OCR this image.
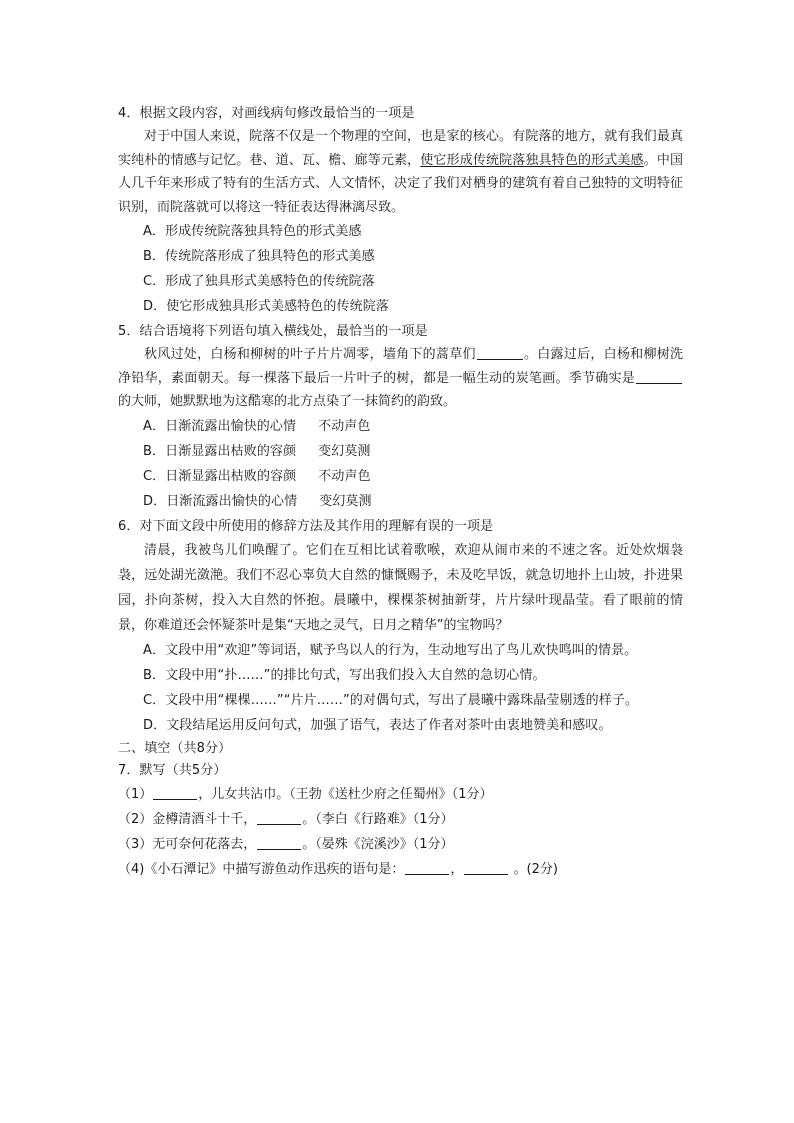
4．根据文段内容，对画线病句修改最恰当的一项是
对于中国人来说，院落不仅是一个物理的空间，也是家的核心。有院落的地方，就有我们最真实纯朴的情感与记忆。巷、道、瓦、檐、廊等元素，使它形成传统院落独具特色的形式美感。中国人几千年来形成了特有的生活方式、人文情怀，决定了我们对栖身的建筑有着自己独特的文明特征识别，而院落就可以将这一特征表达得淋漓尽致。
A．形成传统院落独具特色的形式美感
B．传统院落形成了独具特色的形式美感
C．形成了独具形式美感特色的传统院落
D．使它形成独具形式美感特色的传统院落
5．结合语境将下列语句填入横线处，最恰当的一项是
秋风过处，白杨和柳树的叶子片片凋零，墙角下的蒿草们	。白露过后，白杨和柳树洗净铅华，素面朝天。每一棵落下最后一片叶子的树，都是一幅生动的炭笔画。季节确实是的大师，她默默地为这酷寒的北方点染了一抹简约的韵致。
A．日渐流露出愉快的心情 不动声色
B．日渐显露出枯败的容颜 变幻莫测
C．日渐显露出枯败的容颜 不动声色
D．日渐流露出愉快的心情 变幻莫测
6．对下面文段中所使用的修辞方法及其作用的理解有误的一项是
清晨，我被鸟儿们唤醒了。它们在互相比试着歌喉，欢迎从闹市来的不速之客。近处炊烟袅袅，远处湖光潋滟。我们不忍心辜负大自然的慷慨赐予，未及吃早饭，就急切地扑上山坡，扑进果园，扑向茶树，投入大自然的怀抱。晨曦中，棵棵茶树抽新芽，片片绿叶现晶莹。看了眼前的情景，你难道还会怀疑茶叶是集“天地之灵气，日月之精华”的宝物吗？
A．文段中用“欢迎”等词语，赋予鸟以人的行为，生动地写出了鸟儿欢快鸣叫的情景。
B．文段中用“扑……”的排比句式，写出我们投入大自然的急切心情。
C．文段中用“棵棵……”“片片……”的对偶句式，写出了晨曦中露珠晶莹剔透的样子。
D．文段结尾运用反问句式，加强了语气，表达了作者对茶叶由衷地赞美和感叹。
二、填空（共8分）
7．默写（共5分）
（1）	，儿女共沾巾。（王勃《送杜少府之任蜀州》（1分）
（2）金樽清酒斗十千，	。（李白《行路难》（1分）
（3）无可奈何花落去，	。（晏殊《浣溪沙》（1分）
（4)《小石潭记》中描写游鱼动作迅疾的语句是：	，	。(2分)
